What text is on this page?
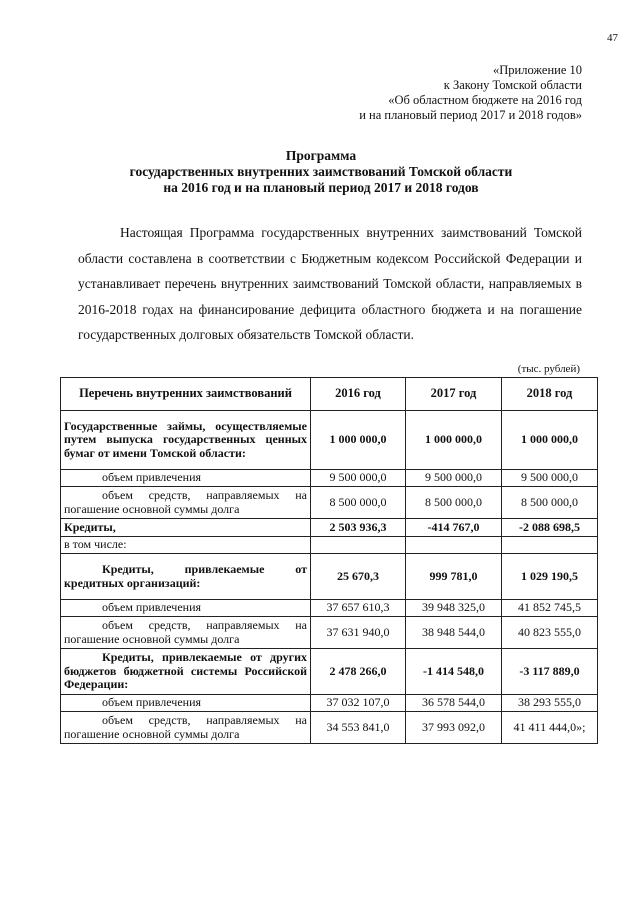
47
«Приложение 10
к Закону Томской области
«Об областном бюджете на 2016 год
и на плановый период 2017 и 2018 годов»
Программа
государственных внутренних заимствований Томской области
на 2016 год и на плановый период 2017 и 2018 годов

Настоящая Программа государственных внутренних заимствований Томской области составлена в соответствии с Бюджетным кодексом Российской Федерации и устанавливает перечень внутренних заимствований Томской области, направляемых в 2016-2018 годах на финансирование дефицита областного бюджета и на погашение государственных долговых обязательств Томской области.

(тыс. рублей)
Перечень внутренних заимствований	2016 год	2017 год	2018 год
Государственные займы, осуществляемые путем выпуска государственных ценных бумаг от имени Томской области:	1 000 000,0	1 000 000,0	1 000 000,0
объем привлечения	9 500 000,0	9 500 000,0	9 500 000,0
объем средств, направляемых на погашение основной суммы долга	8 500 000,0	8 500 000,0	8 500 000,0
Кредиты,	2 503 936,3	-414 767,0	-2 088 698,5
в том числе:			
Кредиты, привлекаемые от кредитных организаций:	25 670,3	999 781,0	1 029 190,5
объем привлечения	37 657 610,3	39 948 325,0	41 852 745,5
объем средств, направляемых на погашение основной суммы долга	37 631 940,0	38 948 544,0	40 823 555,0
Кредиты, привлекаемые от других бюджетов бюджетной системы Российской Федерации:	2 478 266,0	-1 414 548,0	-3 117 889,0
объем привлечения	37 032 107,0	36 578 544,0	38 293 555,0
объем средств, направляемых на погашение основной суммы долга	34 553 841,0	37 993 092,0	41 411 444,0»;
